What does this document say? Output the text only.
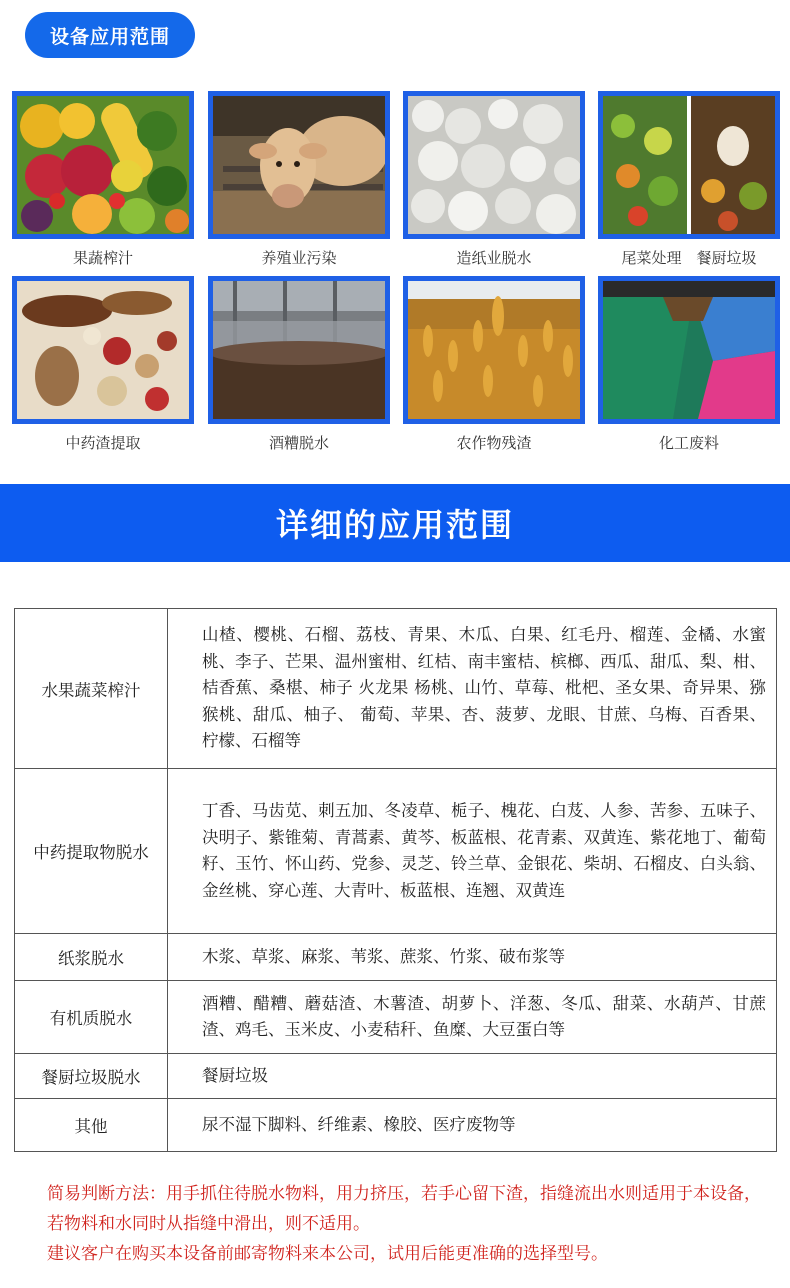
设备应用范围
果蔬榨汁	养殖业污染	造纸业脱水	尾菜处理　餐厨垃圾
中药渣提取	酒糟脱水	农作物残渣	化工废料
详细的应用范围
水果蔬菜榨汁	山楂、樱桃、石榴、荔枝、青果、木瓜、白果、红毛丹、榴莲、金橘、水蜜桃、李子、芒果、温州蜜柑、红桔、南丰蜜桔、槟榔、西瓜、甜瓜、梨、柑、桔香蕉、桑椹、柿子 火龙果 杨桃、山竹、草莓、枇杷、圣女果、奇异果、猕猴桃、甜瓜、柚子、 葡萄、苹果、杏、菠萝、龙眼、甘蔗、乌梅、百香果、柠檬、石榴等
中药提取物脱水	丁香、马齿苋、刺五加、冬凌草、栀子、槐花、白芨、人参、苦参、五味子、决明子、紫锥菊、青蒿素、黄芩、板蓝根、花青素、双黄连、紫花地丁、葡萄籽、玉竹、怀山药、党参、灵芝、铃兰草、金银花、柴胡、石榴皮、白头翁、金丝桃、穿心莲、大青叶、板蓝根、连翘、双黄连
纸浆脱水	木浆、草浆、麻浆、苇浆、蔗浆、竹浆、破布浆等
有机质脱水	酒糟、醋糟、蘑菇渣、木薯渣、胡萝卜、洋葱、冬瓜、甜菜、水葫芦、甘蔗渣、鸡毛、玉米皮、小麦秸秆、鱼糜、大豆蛋白等
餐厨垃圾脱水	餐厨垃圾
其他	尿不湿下脚料、纤维素、橡胶、医疗废物等
简易判断方法：用手抓住待脱水物料，用力挤压，若手心留下渣，指缝流出水则适用于本设备，若物料和水同时从指缝中滑出，则不适用。
建议客户在购买本设备前邮寄物料来本公司，试用后能更准确的选择型号。
